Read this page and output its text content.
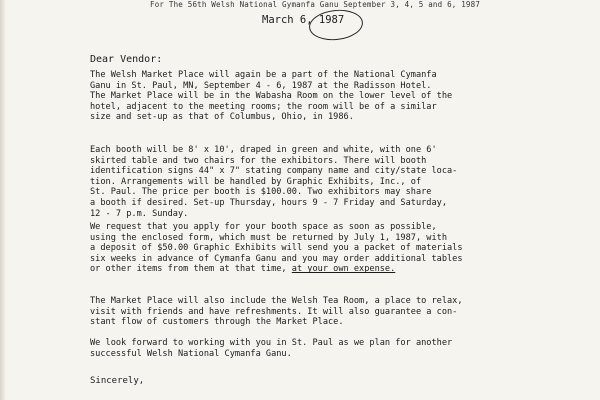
For The 56th Welsh National Gymanfa Ganu September 3, 4, 5 and 6, 1987
March 6, 1987
Dear Vendor:
The Welsh Market Place will again be a part of the National Cymanfa
Ganu in St. Paul, MN, September 4 - 6, 1987 at the Radisson Hotel.
The Market Place will be in the Wabasha Room on the lower level of the
hotel, adjacent to the meeting rooms; the room will be of a similar
size and set-up as that of Columbus, Ohio, in 1986.
Each booth will be 8' x 10', draped in green and white, with one 6'
skirted table and two chairs for the exhibitors. There will booth
identification signs 44" x 7" stating company name and city/state loca-
tion. Arrangements will be handled by Graphic Exhibits, Inc., of
St. Paul. The price per booth is $100.00. Two exhibitors may share
a booth if desired. Set-up Thursday, hours 9 - 7 Friday and Saturday,
12 - 7 p.m. Sunday.
We request that you apply for your booth space as soon as possible,
using the enclosed form, which must be returned by July 1, 1987, with
a deposit of $50.00 Graphic Exhibits will send you a packet of materials
six weeks in advance of Cymanfa Ganu and you may order additional tables
or other items from them at that time, at your own expense.
The Market Place will also include the Welsh Tea Room, a place to relax,
visit with friends and have refreshments. It will also guarantee a con-
stant flow of customers through the Market Place.
We look forward to working with you in St. Paul as we plan for another
successful Welsh National Cymanfa Ganu.
Sincerely,
